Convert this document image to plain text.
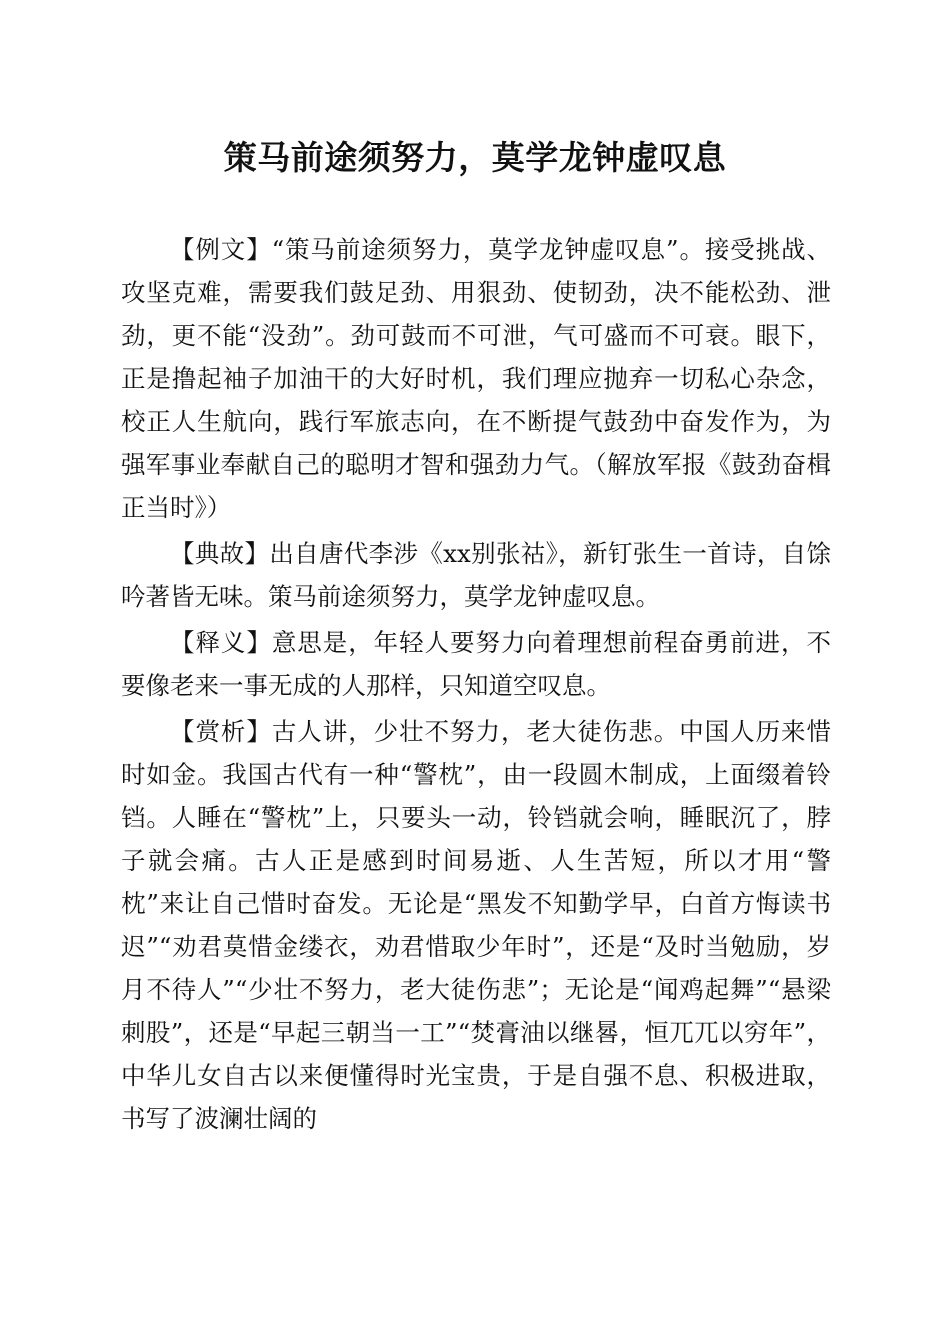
策马前途须努力，莫学龙钟虚叹息

【例文】“策马前途须努力，莫学龙钟虚叹息”。接受挑战、攻坚克难，需要我们鼓足劲、用狠劲、使韧劲，决不能松劲、泄劲，更不能“没劲”。劲可鼓而不可泄，气可盛而不可衰。眼下，正是撸起袖子加油干的大好时机，我们理应抛弃一切私心杂念，校正人生航向，践行军旅志向，在不断提气鼓劲中奋发作为，为强军事业奉献自己的聪明才智和强劲力气。（解放军报《鼓劲奋楫正当时》）

【典故】出自唐代李涉《xx别张祜》，新钉张生一首诗，自馀吟著皆无味。策马前途须努力，莫学龙钟虚叹息。

【释义】意思是，年轻人要努力向着理想前程奋勇前进，不要像老来一事无成的人那样，只知道空叹息。

【赏析】古人讲，少壮不努力，老大徒伤悲。中国人历来惜时如金。我国古代有一种“警枕”，由一段圆木制成，上面缀着铃铛。人睡在“警枕”上，只要头一动，铃铛就会响，睡眠沉了，脖子就会痛。古人正是感到时间易逝、人生苦短，所以才用“警枕”来让自己惜时奋发。无论是“黑发不知勤学早，白首方悔读书迟”“劝君莫惜金缕衣，劝君惜取少年时”，还是“及时当勉励，岁月不待人”“少壮不努力，老大徒伤悲”；无论是“闻鸡起舞”“悬梁刺股”，还是“早起三朝当一工”“焚膏油以继晷，恒兀兀以穷年”，中华儿女自古以来便懂得时光宝贵，于是自强不息、积极进取，书写了波澜壮阔的
